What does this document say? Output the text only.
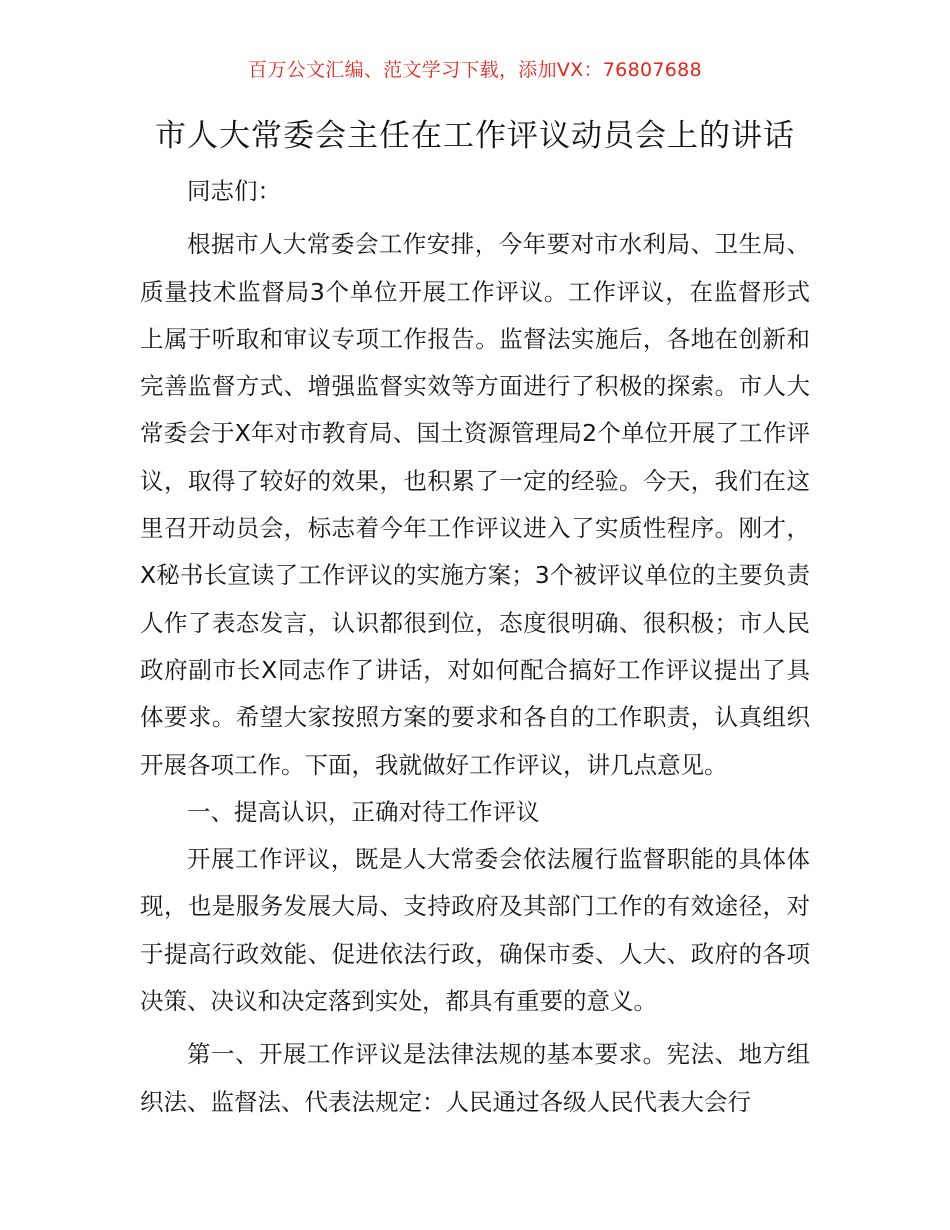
百万公文汇编、范文学习下载，添加VX：76807688
市人大常委会主任在工作评议动员会上的讲话

同志们：

根据市人大常委会工作安排，今年要对市水利局、卫生局、质量技术监督局3个单位开展工作评议。工作评议，在监督形式上属于听取和审议专项工作报告。监督法实施后，各地在创新和完善监督方式、增强监督实效等方面进行了积极的探索。市人大常委会于X年对市教育局、国土资源管理局2个单位开展了工作评议，取得了较好的效果，也积累了一定的经验。今天，我们在这里召开动员会，标志着今年工作评议进入了实质性程序。刚才，X秘书长宣读了工作评议的实施方案；3个被评议单位的主要负责人作了表态发言，认识都很到位，态度很明确、很积极；市人民政府副市长X同志作了讲话，对如何配合搞好工作评议提出了具体要求。希望大家按照方案的要求和各自的工作职责，认真组织开展各项工作。下面，我就做好工作评议，讲几点意见。

一、提高认识，正确对待工作评议

开展工作评议，既是人大常委会依法履行监督职能的具体体现，也是服务发展大局、支持政府及其部门工作的有效途径，对于提高行政效能、促进依法行政，确保市委、人大、政府的各项决策、决议和决定落到实处，都具有重要的意义。

第一、开展工作评议是法律法规的基本要求。宪法、地方组织法、监督法、代表法规定：人民通过各级人民代表大会行
